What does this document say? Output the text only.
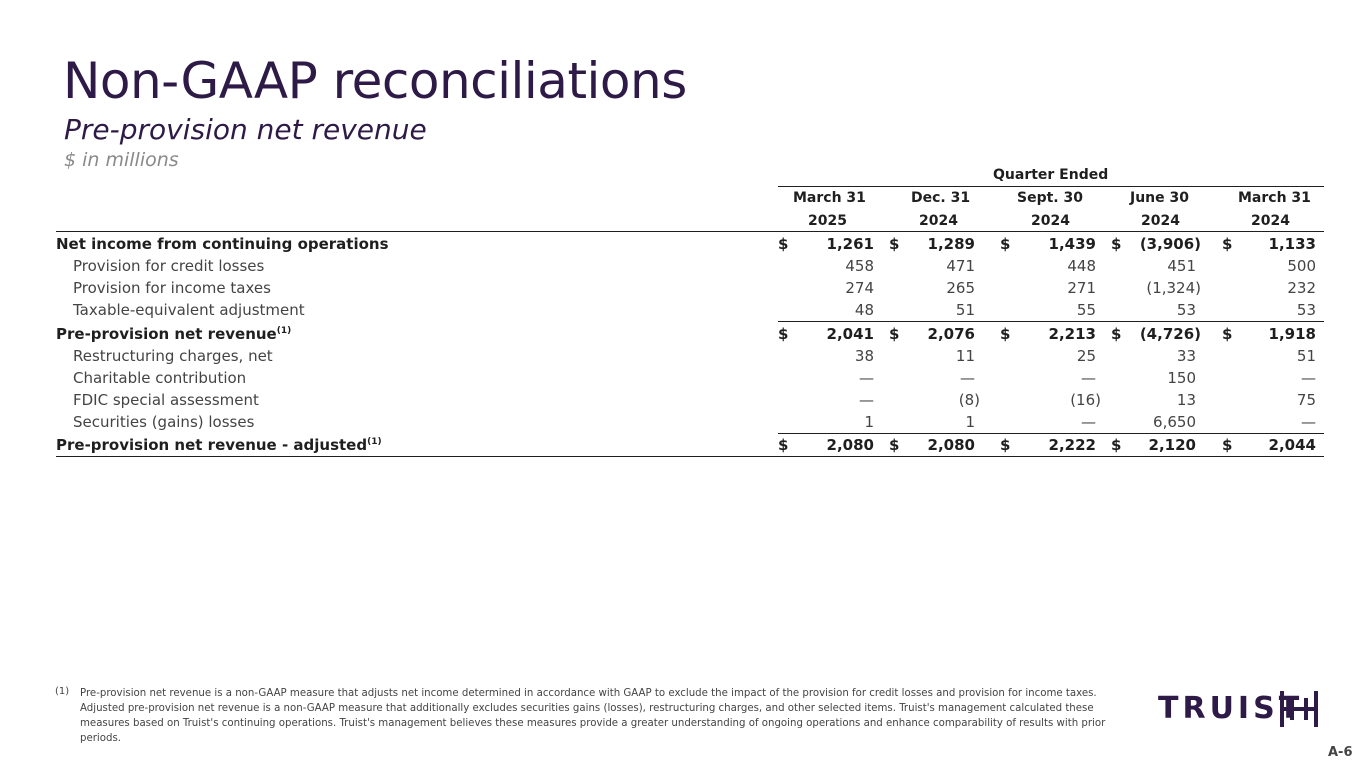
Non-GAAP reconciliations
Pre-provision net revenue
$ in millions
Quarter Ended
March 31	Dec. 31	Sept. 30	June 30	March 31
2025	2024	2024	2024	2024
Net income from continuing operations	$	1,261 $ 1,289 $	1,439 $ (3,906) $ 1,133
Provision for credit losses	458	471	448	451	500
Provision for income taxes	274	265	271	(1,324)	232
Taxable-equivalent adjustment	48	51	55	53	53
Pre-provision net revenue$^{(1)}$	$	2,041 $ 2,076 $	2,213 $ (4,726) $ 1,918
Restructuring charges, net	38	11	25	33	51
Charitable contribution	—	—	—	150	—
FDIC special assessment	—	(8)	(16)	13	75
Securities (gains) losses	1	1	—	6,650	—
Pre-provision net revenue - adjusted$^{(1)}$	$	2,080 $ 2,080 $	2,222 $ 2,120 $ 2,044
(1) Pre-provision net revenue is a non-GAAP measure that adjusts net income determined in accordance with GAAP to exclude the impact of the provision for credit losses and provision for income taxes. Adjusted pre-provision net revenue is a non-GAAP measure that additionally excludes securities gains (losses), restructuring charges, and other selected items. Truist's management calculated these measures based on Truist's continuing operations. Truist's management believes these measures provide a greater understanding of ongoing operations and enhance comparability of results with prior periods.
TRUIST
A-6
